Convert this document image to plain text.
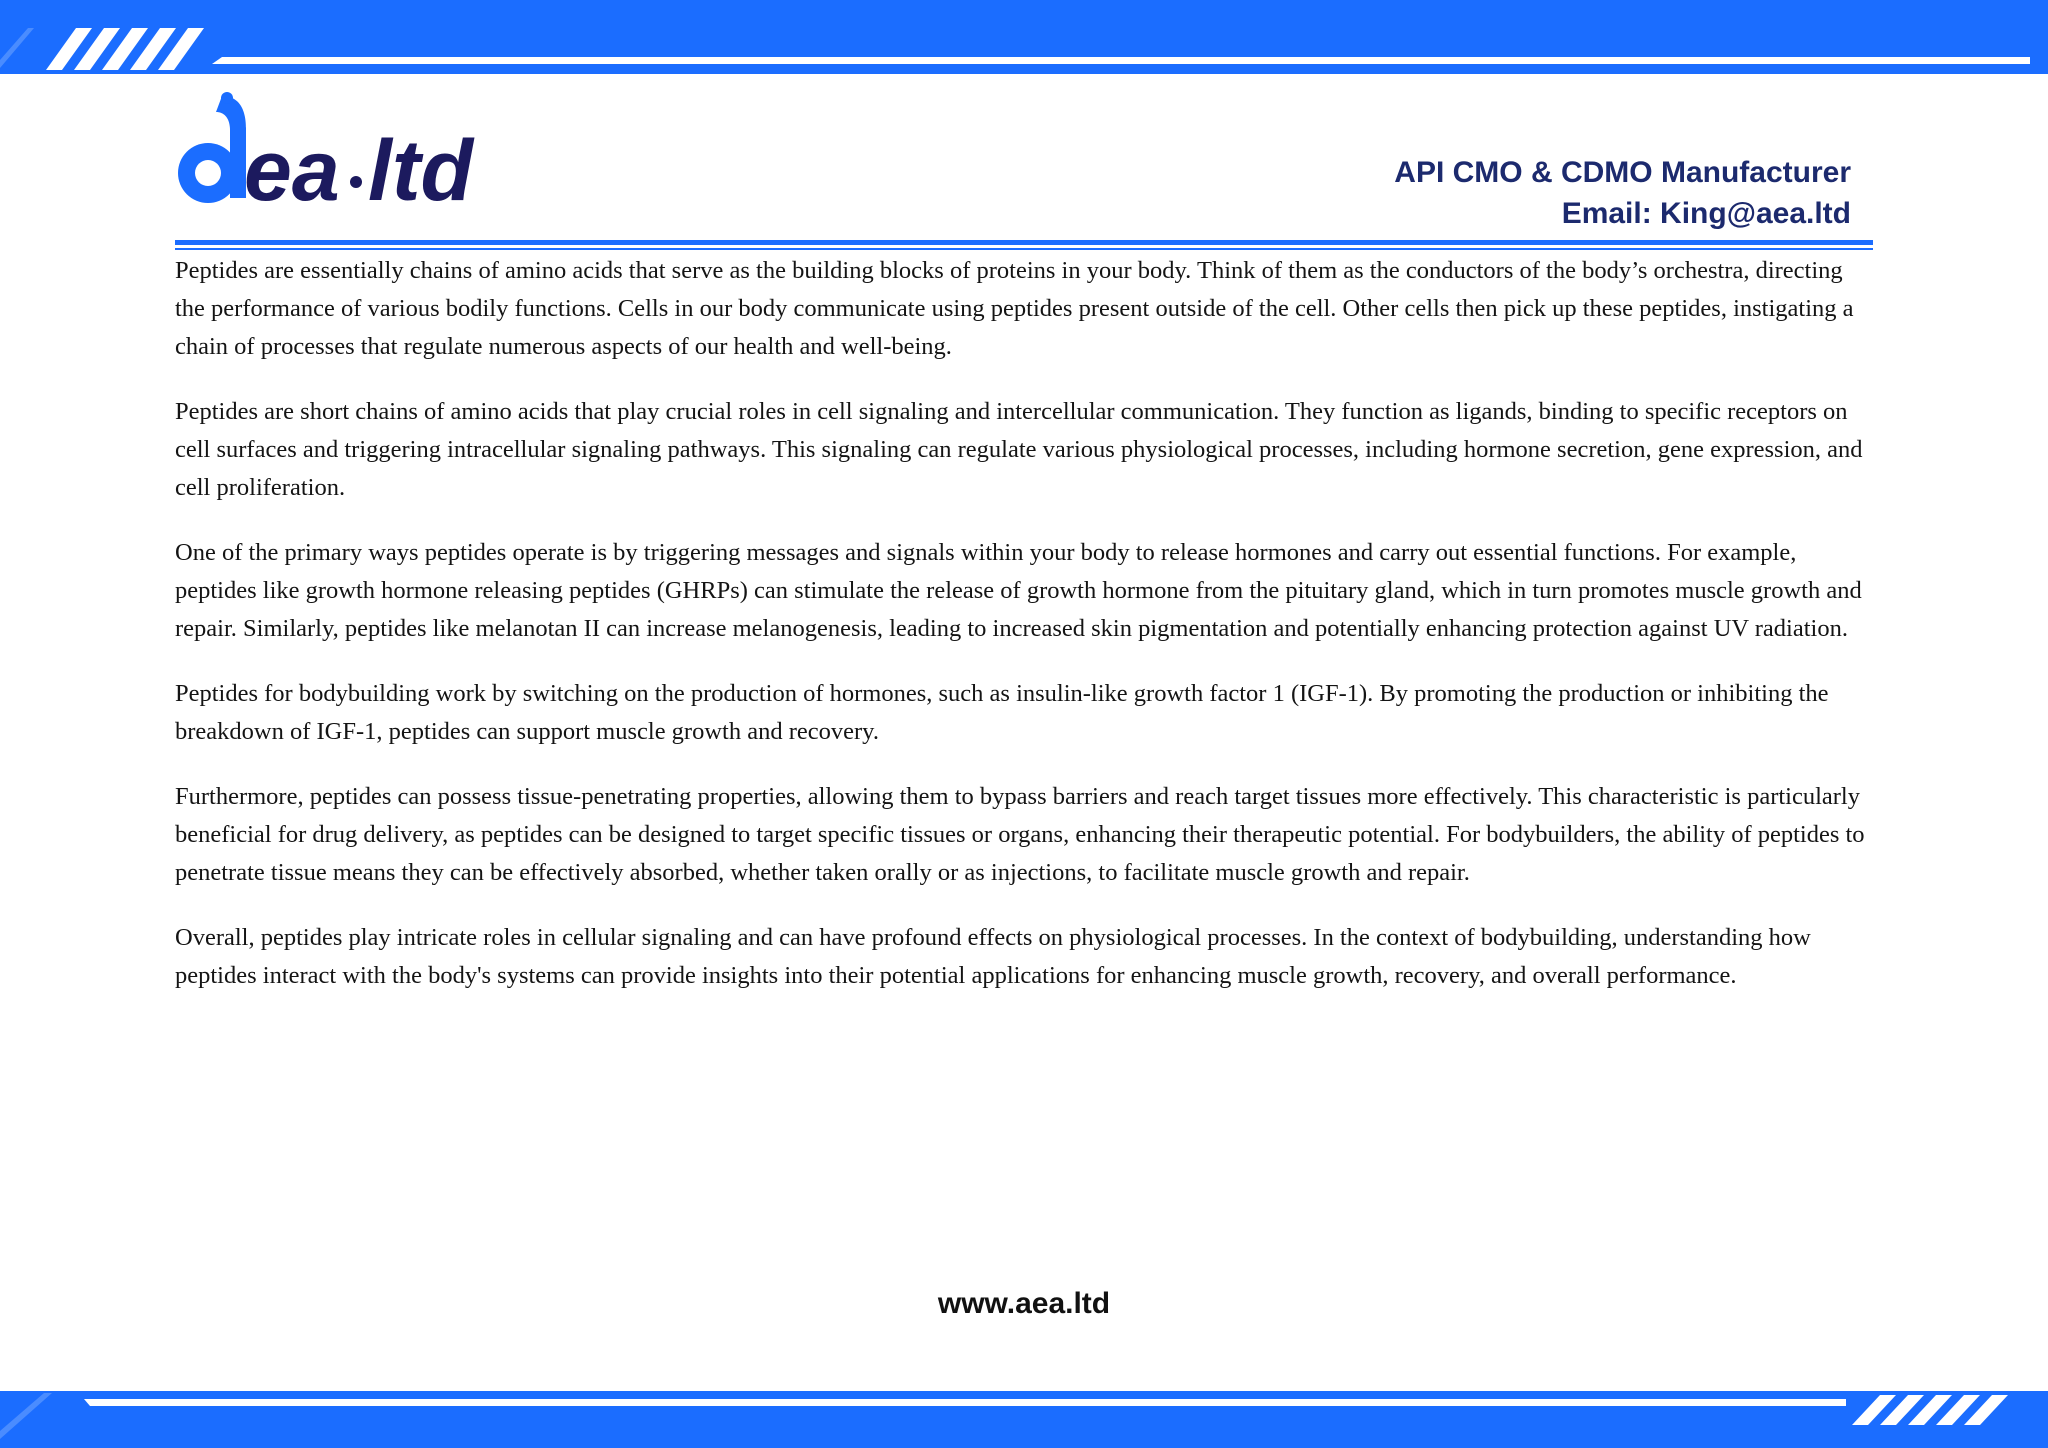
ea ltd	API CMO & CDMO Manufacturer
Email: King@aea.ltd

Peptides are essentially chains of amino acids that serve as the building blocks of proteins in your body. Think of them as the conductors of the body’s orchestra, directing the performance of various bodily functions. Cells in our body communicate using peptides present outside of the cell. Other cells then pick up these peptides, instigating a chain of processes that regulate numerous aspects of our health and well-being.

Peptides are short chains of amino acids that play crucial roles in cell signaling and intercellular communication. They function as ligands, binding to specific receptors on cell surfaces and triggering intracellular signaling pathways. This signaling can regulate various physiological processes, including hormone secretion, gene expression, and cell proliferation.

One of the primary ways peptides operate is by triggering messages and signals within your body to release hormones and carry out essential functions. For example, peptides like growth hormone releasing peptides (GHRPs) can stimulate the release of growth hormone from the pituitary gland, which in turn promotes muscle growth and repair. Similarly, peptides like melanotan II can increase melanogenesis, leading to increased skin pigmentation and potentially enhancing protection against UV radiation.

Peptides for bodybuilding work by switching on the production of hormones, such as insulin-like growth factor 1 (IGF-1). By promoting the production or inhibiting the breakdown of IGF-1, peptides can support muscle growth and recovery.

Furthermore, peptides can possess tissue-penetrating properties, allowing them to bypass barriers and reach target tissues more effectively. This characteristic is particularly beneficial for drug delivery, as peptides can be designed to target specific tissues or organs, enhancing their therapeutic potential. For bodybuilders, the ability of peptides to penetrate tissue means they can be effectively absorbed, whether taken orally or as injections, to facilitate muscle growth and repair.

Overall, peptides play intricate roles in cellular signaling and can have profound effects on physiological processes. In the context of bodybuilding, understanding how peptides interact with the body's systems can provide insights into their potential applications for enhancing muscle growth, recovery, and overall performance.

www.aea.ltd
